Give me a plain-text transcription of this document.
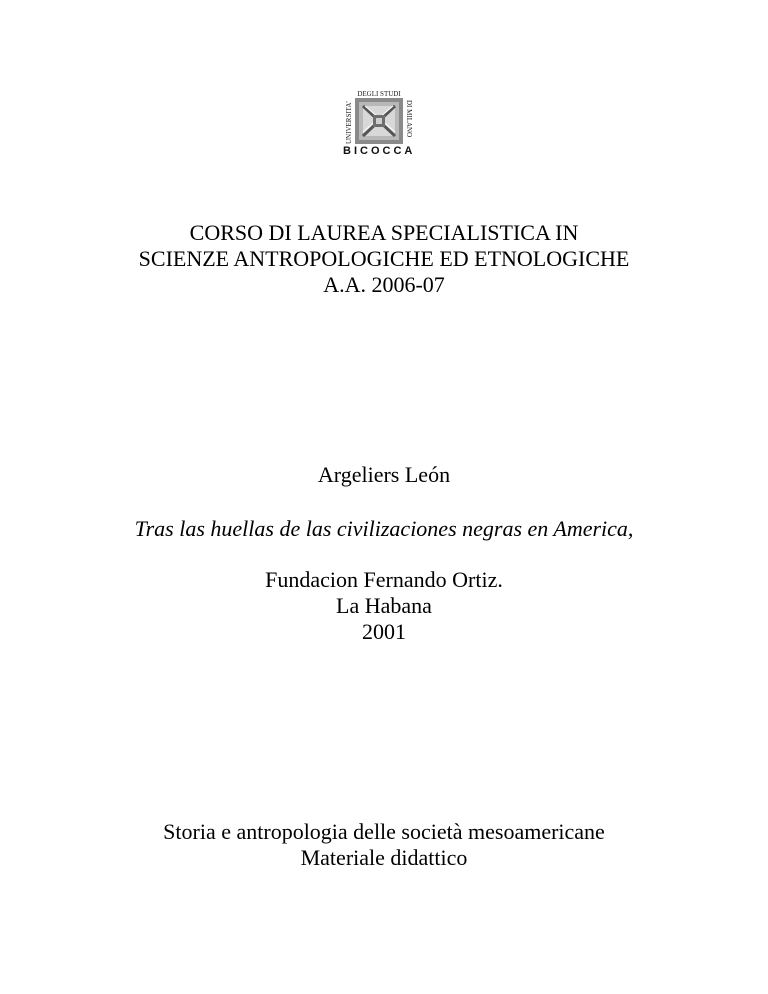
DEGLI STUDI
UNIVERSITA'	DI MILANO
BICOCCA
CORSO DI LAUREA SPECIALISTICA IN
SCIENZE ANTROPOLOGICHE ED ETNOLOGICHE
A.A. 2006-07
Argeliers León
Tras las huellas de las civilizaciones negras en America,
Fundacion Fernando Ortiz.
La Habana
2001
Storia e antropologia delle società mesoamericane
Materiale didattico
